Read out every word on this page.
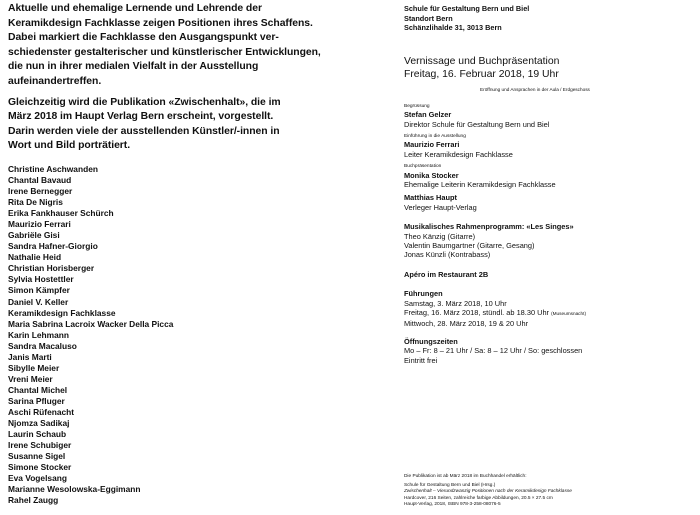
Aktuelle und ehemalige Lernende und Lehrende der
Keramikdesign Fachklasse zeigen Positionen ihres Schaffens.
Dabei markiert die Fachklasse den Ausgangspunkt ver-
schiedenster gestalterischer und künstlerischer Entwicklungen,
die nun in ihrer medialen Vielfalt in der Ausstellung
aufeinandertreffen.

Gleichzeitig wird die Publikation «Zwischenhalt», die im
März 2018 im Haupt Verlag Bern erscheint, vorgestellt.
Darin werden viele der ausstellenden Künstler/-innen in
Wort und Bild porträtiert.

Christine Aschwanden
Chantal Bavaud
Irene Bernegger
Rita De Nigris
Erika Fankhauser Schürch
Maurizio Ferrari
Gabriële Gisi
Sandra Hafner-Giorgio
Nathalie Heid
Christian Horisberger
Sylvia Hostettler
Simon Kämpfer
Daniel V. Keller
Keramikdesign Fachklasse
Maria Sabrina Lacroix Wacker Della Picca
Karin Lehmann
Sandra Macaluso
Janis Marti
Sibylle Meier
Vreni Meier
Chantal Michel
Sarina Pfluger
Aschi Rüfenacht
Njomza Sadikaj
Laurin Schaub
Irene Schubiger
Susanne Sigel
Simone Stocker
Eva Vogelsang
Marianne Wesolowska-Eggimann
Rahel Zaugg
Schule für Gestaltung Bern und Biel
Standort Bern
Schänzlihalde 31, 3013 Bern
Vernissage und Buchpräsentation
Freitag, 16. Februar 2018, 19 Uhr
Eröffnung und Ansprachen in der Aula / Erdgeschoss
Begrüssung
Stefan Gelzer
Direktor Schule für Gestaltung Bern und Biel
Einführung in die Ausstellung
Maurizio Ferrari
Leiter Keramikdesign Fachklasse
Buchpräsentation
Monika Stocker
Ehemalige Leiterin Keramikdesign Fachklasse
Matthias Haupt
Verleger Haupt-Verlag
Musikalisches Rahmenprogramm: «Les Singes»
Theo Känzig (Gitarre)
Valentin Baumgartner (Gitarre, Gesang)
Jonas Künzli (Kontrabass)
Apéro im Restaurant 2B
Führungen
Samstag, 3. März 2018, 10 Uhr
Freitag, 16. März 2018, stündl. ab 18.30 Uhr (Museumsnacht)
Mittwoch, 28. März 2018, 19 & 20 Uhr
Öffnungszeiten
Mo – Fr: 8 – 21 Uhr / Sa: 8 – 12 Uhr / So: geschlossen
Eintritt frei
Die Publikation ist ab März 2018 im Buchhandel erhältlich:
Schule für Gestaltung Bern und Biel (Hrsg.)
Zwischenhalt – Vierundzwanzig Positionen nach der Keramikdesign Fachklasse
Hardcover, 216 Seiten, zahlreiche farbige Abbildungen, 20.5 × 27.5 cm
Haupt-Verlag, 2018, ISBN 978-3-258-08076-5
